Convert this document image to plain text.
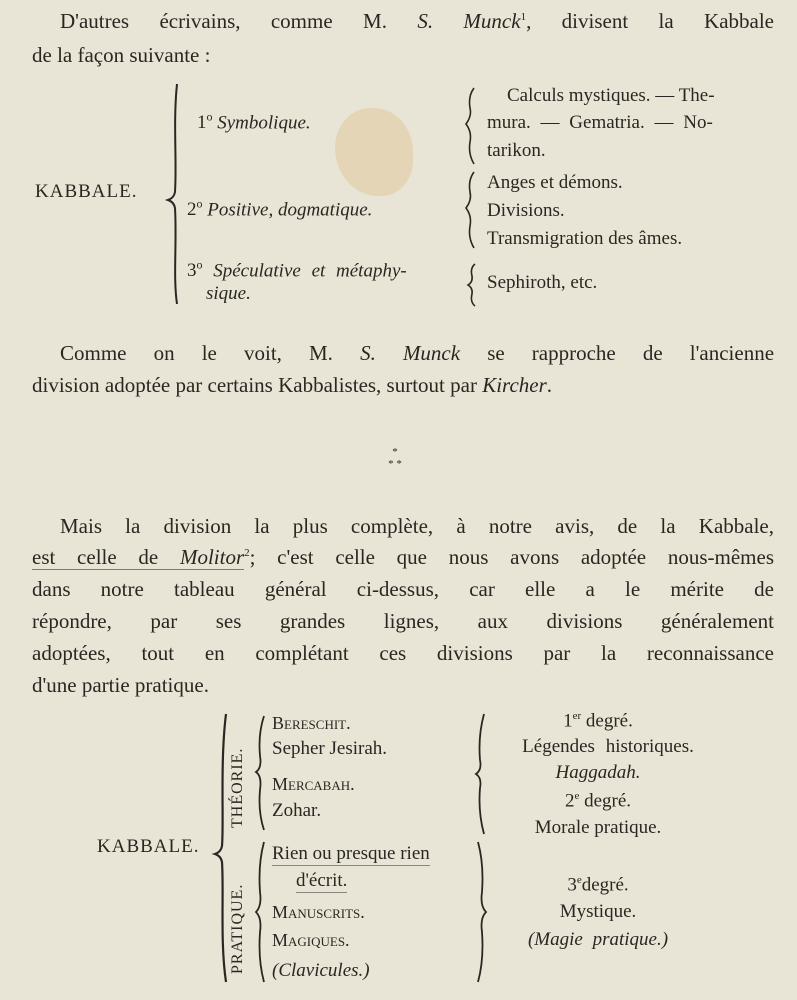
D'autres écrivains, comme M. S. Munck$^1$, divisent la Kabbale
de la façon suivante :
KABBALE.
1$^o$ Symbolique.
2$^o$ Positive, dogmatique.
3$^o$ Spéculative et métaphy-
sique.
Calculs mystiques. — The-
mura. — Gematria. — No-
tarikon.
Anges et démons.
Divisions.
Transmigration des âmes.
Sephiroth, etc.
Comme on le voit, M. S. Munck se rapproche de l'ancienne
division adoptée par certains Kabbalistes, surtout par Kircher.
*
* *
Mais la division la plus complète, à notre avis, de la Kabbale,
est celle de Molitor$^2$; c'est celle que nous avons adoptée nous-mêmes
dans notre tableau général ci-dessus, car elle a le mérite de
répondre, par ses grandes lignes, aux divisions généralement
adoptées, tout en complétant ces divisions par la reconnaissance
d'une partie pratique.
KABBALE.
THÉORIE.
PRATIQUE.
Bereschit.
Sepher Jesirah.
Mercabah.
Zohar.
Rien ou presque rien
d'écrit.
Manuscrits.
Magiques.
(Clavicules.)
1er degré.
Légendes historiques.
Haggadah.
2e degré.
Morale pratique.
3edegré.
Mystique.
(Magie pratique.)
